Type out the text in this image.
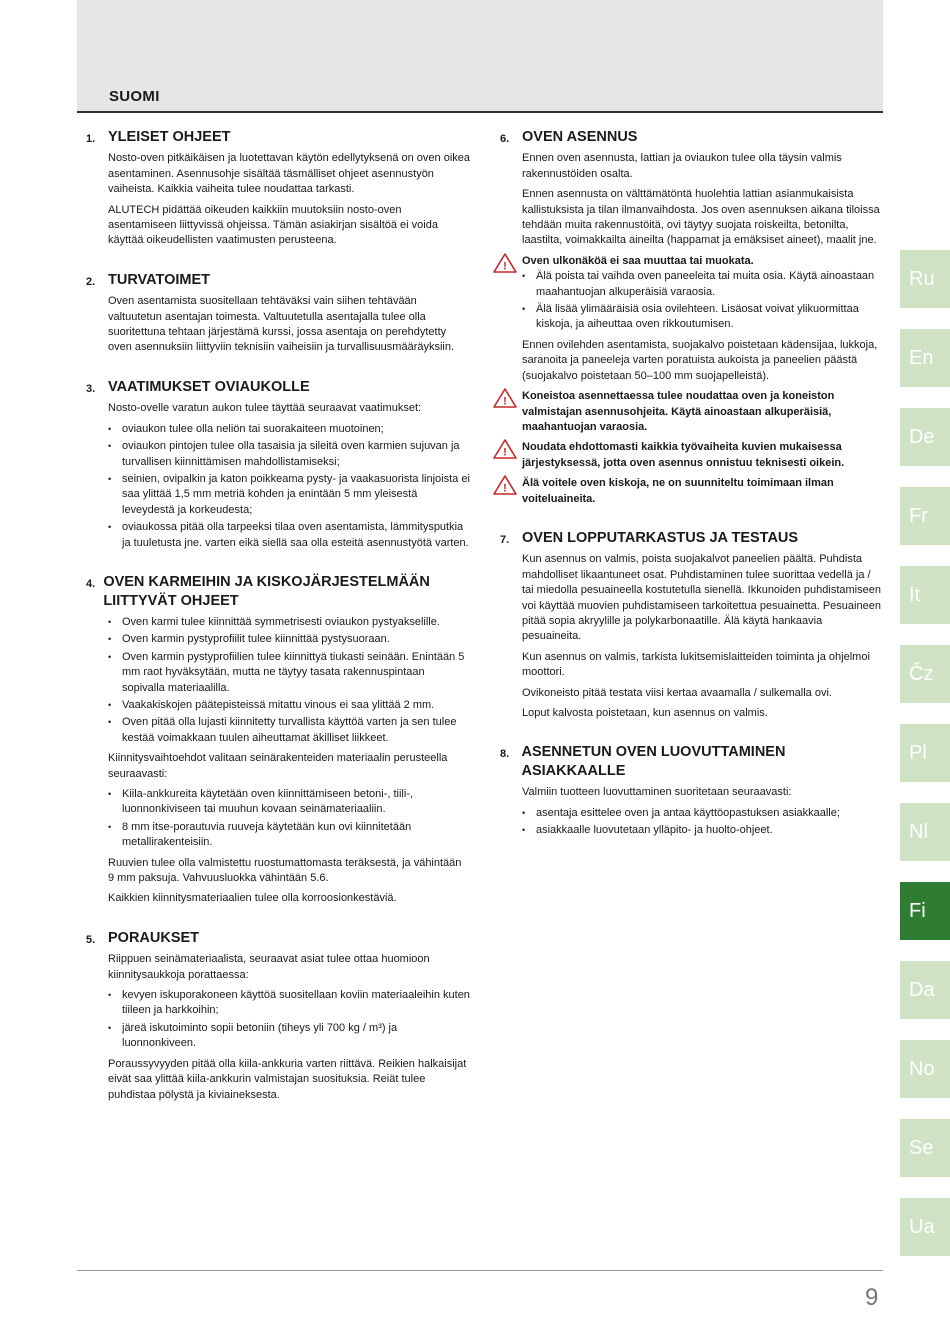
SUOMI
1. YLEISET OHJEET

Nosto-oven pitkäikäisen ja luotettavan käytön edellytyksenä on oven oikea asentaminen. Asennusohje sisältää täsmälliset ohjeet asennustyön vaiheista. Kaikkia vaiheita tulee noudattaa tarkasti.

ALUTECH pidättää oikeuden kaikkiin muutoksiin nosto-oven asentamiseen liittyvissä ohjeissa. Tämän asiakirjan sisältöä ei voida käyttää oikeudellisten vaatimusten perusteena.

2. TURVATOIMET

Oven asentamista suositellaan tehtäväksi vain siihen tehtävään valtuutetun asentajan toimesta. Valtuutetulla asentajalla tulee olla suoritettuna tehtaan järjestämä kurssi, jossa asentaja on perehdytetty oven asennuksiin liittyviin teknisiin vaiheisiin ja turvallisuusmääräyksiin.

3. VAATIMUKSET OVIAUKOLLE

Nosto-ovelle varatun aukon tulee täyttää seuraavat vaatimukset:

• oviaukon tulee olla neliön tai suorakaiteen muotoinen;
• oviaukon pintojen tulee olla tasaisia ja sileitä oven karmien sujuvan ja turvallisen kiinnittämisen mahdollistamiseksi;
• seinien, ovipalkin ja katon poikkeama pysty- ja vaakasuorista linjoista ei saa ylittää 1,5 mm metriä kohden ja enintään 5 mm yleisestä leveydestä ja korkeudesta;
• oviaukossa pitää olla tarpeeksi tilaa oven asentamista, lämmitysputkia ja tuuletusta jne. varten eikä siellä saa olla esteitä asennustyötä varten.
4. OVEN KARMEIHIN JA KISKOJÄRJESTELMÄÄN LIITTYVÄT OHJEET
• Oven karmi tulee kiinnittää symmetrisesti oviaukon pystyakselille.
• Oven karmin pystyprofiilit tulee kiinnittää pystysuoraan.
• Oven karmin pystyprofiilien tulee kiinnittyä tiukasti seinään. Enintään 5 mm raot hyväksytään, mutta ne täytyy tasata rakennuspintaan sopivalla materiaalilla.
• Vaakakiskojen päätepisteissä mitattu vinous ei saa ylittää 2 mm.
• Oven pitää olla lujasti kiinnitetty turvallista käyttöä varten ja sen tulee kestää voimakkaan tuulen aiheuttamat äkilliset liikkeet.

Kiinnitysvaihtoehdot valitaan seinärakenteiden materiaalin perusteella seuraavasti:

• Kiila-ankkureita käytetään oven kiinnittämiseen betoni-, tiili-, luonnonkiviseen tai muuhun kovaan seinämateriaaliin.
• 8 mm itse-porautuvia ruuveja käytetään kun ovi kiinnitetään metallirakenteisiin.

Ruuvien tulee olla valmistettu ruostumattomasta teräksestä, ja vähintään 9 mm paksuja. Vahvuusluokka vähintään 5.6.

Kaikkien kiinnitysmateriaalien tulee olla korroosionkestäviä.

5. PORAUKSET

Riippuen seinämateriaalista, seuraavat asiat tulee ottaa huomioon kiinnitysaukkoja porattaessa:

• kevyen iskuporakoneen käyttöä suositellaan koviin materiaaleihin kuten tiileen ja harkkoihin;
• järeä iskutoiminto sopii betoniin (tiheys yli 700 kg / m³) ja luonnonkiveen.

Poraussyvyyden pitää olla kiila-ankkuria varten riittävä. Reikien halkaisijat eivät saa ylittää kiila-ankkurin valmistajan suosituksia. Reiät tulee puhdistaa pölystä ja kiviaineksesta.

6. OVEN ASENNUS

Ennen oven asennusta, lattian ja oviaukon tulee olla täysin valmis rakennustöiden osalta.

Ennen asennusta on välttämätöntä huolehtia lattian asianmukaisista kallistuksista ja tilan ilmanvaihdosta. Jos oven asennuksen aikana tiloissa tehdään muita rakennustöitä, ovi täytyy suojata roiskeilta, betonilta, laastilta, voimakkailta aineilta (happamat ja emäksiset aineet), maalit jne.

! Oven ulkonäköä ei saa muuttaa tai muokata.
• Älä poista tai vaihda oven paneeleita tai muita osia. Käytä ainoastaan maahantuojan alkuperäisiä varaosia.
• Älä lisää ylimääräisiä osia ovilehteen. Lisäosat voivat ylikuormittaa kiskoja, ja aiheuttaa oven rikkoutumisen.

Ennen ovilehden asentamista, suojakalvo poistetaan kädensijaa, lukkoja, saranoita ja paneeleja varten poratuista aukoista ja paneelien päästä (suojakalvo poistetaan 50–100 mm suojapelleistä).

! Koneistoa asennettaessa tulee noudattaa oven ja koneiston valmistajan asennusohjeita. Käytä ainoastaan alkuperäisiä, maahantuojan varaosia.
! Noudata ehdottomasti kaikkia työvaiheita kuvien mukaisessa järjestyksessä, jotta oven asennus onnistuu teknisesti oikein.
! Älä voitele oven kiskoja, ne on suunniteltu toimimaan ilman voiteluaineita.
7. OVEN LOPPUTARKASTUS JA TESTAUS

Kun asennus on valmis, poista suojakalvot paneelien päältä. Puhdista mahdolliset likaantuneet osat. Puhdistaminen tulee suorittaa vedellä ja / tai miedolla pesuaineella kostutetulla sienellä. Ikkunoiden puhdistamiseen voi käyttää muovien puhdistamiseen tarkoitettua pesuainetta. Pesuaineen pitää sopia akryylille ja polykarbonaatille. Älä käytä hankaavia pesuaineita.

Kun asennus on valmis, tarkista lukitsemislaitteiden toiminta ja ohjelmoi moottori.

Ovikoneisto pitää testata viisi kertaa avaamalla / sulkemalla ovi.

Loput kalvosta poistetaan, kun asennus on valmis.

8. ASENNETUN OVEN LUOVUTTAMINEN ASIAKKAALLE

Valmiin tuotteen luovuttaminen suoritetaan seuraavasti:

• asentaja esittelee oven ja antaa käyttöopastuksen asiakkaalle;
• asiakkaalle luovutetaan ylläpito- ja huolto-ohjeet.
Ru
En
De
Fr
It
Čz
Pl
Nl
Fi
Da
No
Se
Ua
9
